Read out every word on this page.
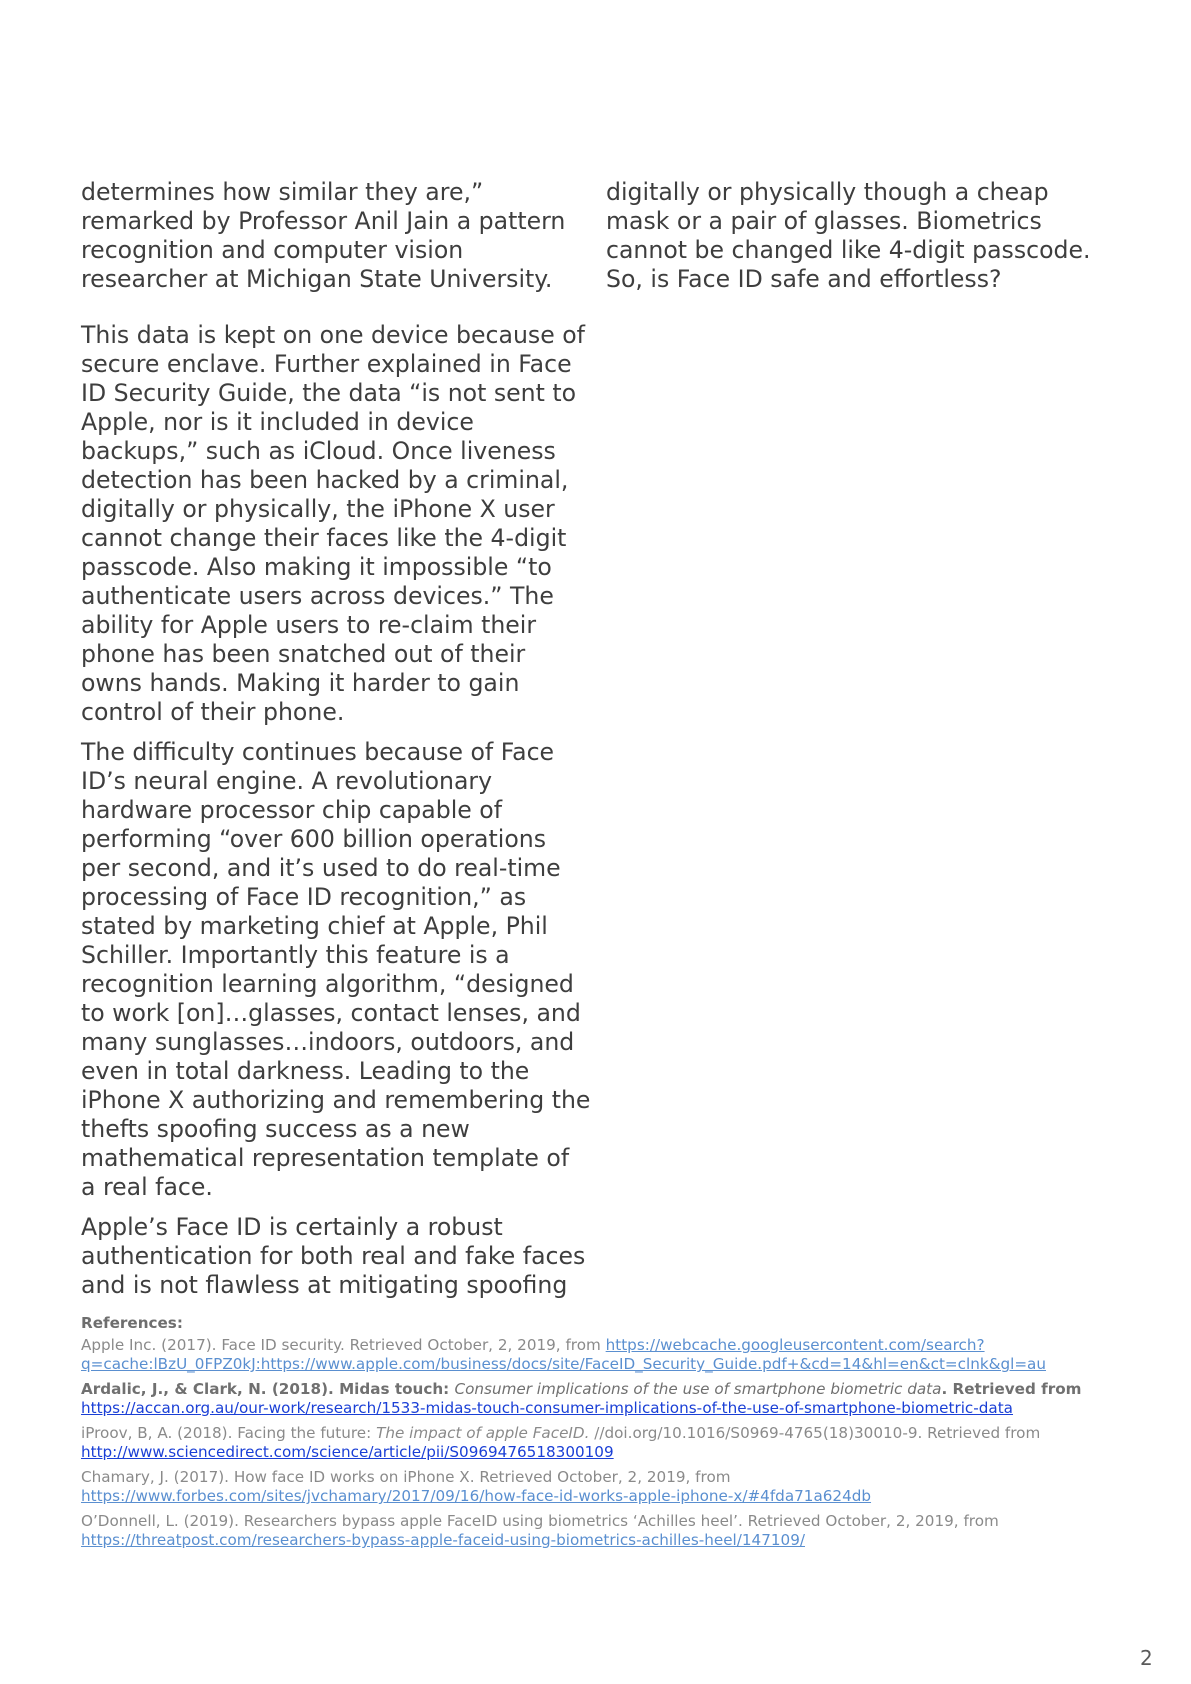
determines how similar they are,” remarked by Professor Anil Jain a pattern recognition and computer vision researcher at Michigan State University.

This data is kept on one device because of secure enclave. Further explained in Face ID Security Guide, the data “is not sent to Apple, nor is it included in device backups,” such as iCloud. Once liveness detection has been hacked by a criminal, digitally or physically, the iPhone X user cannot change their faces like the 4-digit passcode. Also making it impossible “to authenticate users across devices.” The ability for Apple users to re-claim their phone has been snatched out of their owns hands. Making it harder to gain control of their phone.

The difficulty continues because of Face ID’s neural engine. A revolutionary hardware processor chip capable of performing “over 600 billion operations per second, and it’s used to do real-time processing of Face ID recognition,” as stated by marketing chief at Apple, Phil Schiller. Importantly this feature is a recognition learning algorithm, “designed to work [on]…glasses, contact lenses, and many sunglasses…indoors, outdoors, and even in total darkness. Leading to the iPhone X authorizing and remembering the thefts spoofing success as a new mathematical representation template of a real face.

Apple’s Face ID is certainly a robust authentication for both real and fake faces and is not flawless at mitigating spoofing

digitally or physically though a cheap mask or a pair of glasses. Biometrics cannot be changed like 4-digit passcode. So, is Face ID safe and effortless?

References:

Apple Inc. (2017). Face ID security. Retrieved October, 2, 2019, from https://webcache.googleusercontent.com/search?q=cache:lBzU_0FPZ0kJ:https://www.apple.com/business/docs/site/FaceID_Security_Guide.pdf+&cd=14&hl=en&ct=clnk&gl=au

Ardalic, J., & Clark, N. (2018). Midas touch: Consumer implications of the use of smartphone biometric data. Retrieved from https://accan.org.au/our-work/research/1533-midas-touch-consumer-implications-of-the-use-of-smartphone-biometric-data

iProov, B, A. (2018). Facing the future: The impact of apple FaceID. //doi.org/10.1016/S0969-4765(18)30010-9. Retrieved from http://www.sciencedirect.com/science/article/pii/S0969476518300109

Chamary, J. (2017). How face ID works on iPhone X. Retrieved October, 2, 2019, from https://www.forbes.com/sites/jvchamary/2017/09/16/how-face-id-works-apple-iphone-x/#4fda71a624db

O’Donnell, L. (2019). Researchers bypass apple FaceID using biometrics ‘Achilles heel’. Retrieved October, 2, 2019, from https://threatpost.com/researchers-bypass-apple-faceid-using-biometrics-achilles-heel/147109/

2
